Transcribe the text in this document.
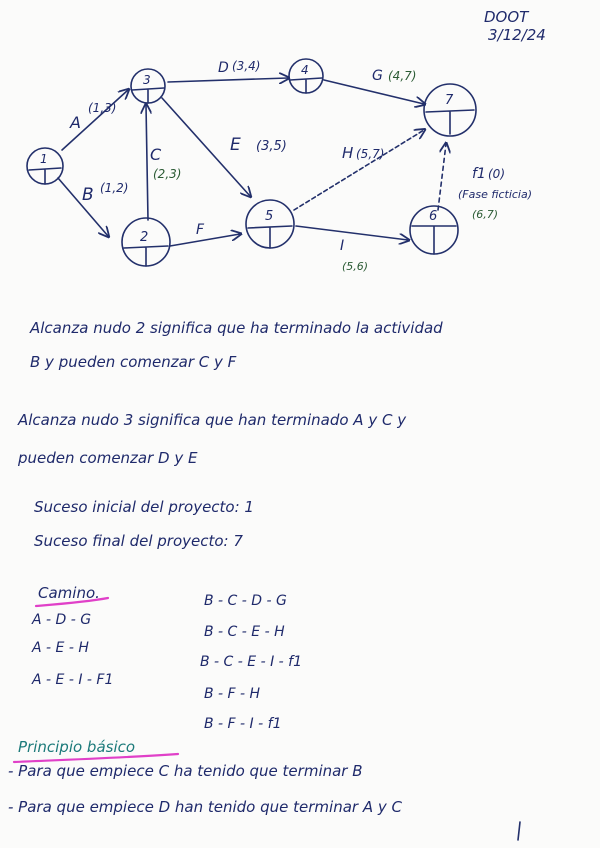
DOOT
3/12/24
1
2
3
4
5	6
7
A
(1,3)
B (1,2)
C
(2,3)
D (3,4)
E (3,5)
F
G (4,7)
H (5,7)
I
(5,6)
f1 (0)
(Fase ficticia)
(6,7)
Alcanza nudo 2 significa que ha terminado la actividad
B y pueden comenzar C y F
Alcanza nudo 3 significa que han terminado A y C y
pueden comenzar D y E
Suceso inicial del proyecto: 1
Suceso final del proyecto: 7
Camino.
A - D - G
A - E - H
A - E - I - F1
B - C - D - G
B - C - E - H
B - C - E - I - f1
B - F - H
B - F - I - f1
Principio básico
- Para que empiece C ha tenido que terminar B
- Para que empiece D han tenido que terminar A y C
